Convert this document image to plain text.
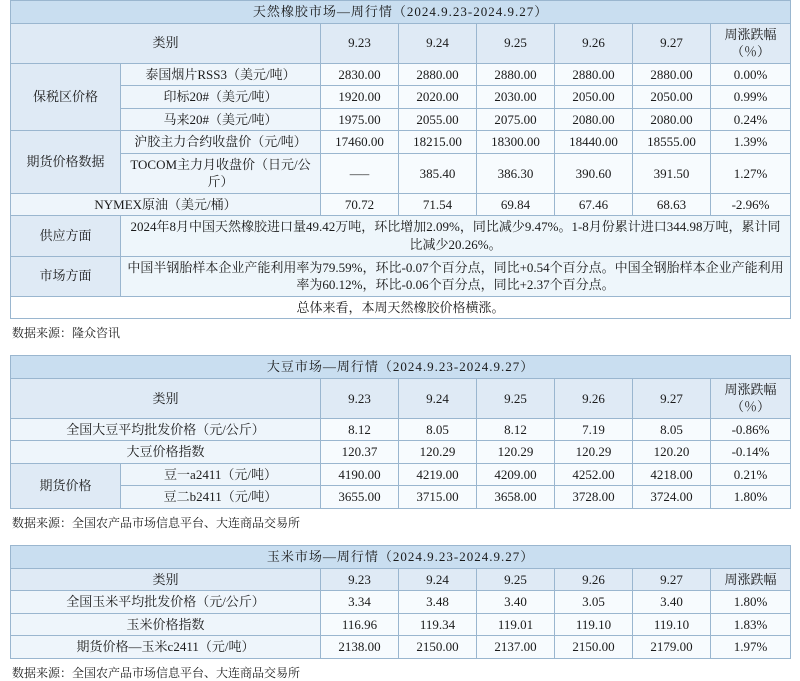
天然橡胶市场—周行情（2024.9.23-2024.9.27）							
类别		9.23	9.24	9.25	9.26	9.27	周涨跌幅（％）
保税区价格	泰国烟片RSS3（美元/吨）	2830.00	2880.00	2880.00	2880.00	2880.00	0.00%
	印标20#（美元/吨）	1920.00	2020.00	2030.00	2050.00	2050.00	0.99%
	马来20#（美元/吨）	1975.00	2055.00	2075.00	2080.00	2080.00	0.24%
期货价格数据	沪胶主力合约收盘价（元/吨）	17460.00	18215.00	18300.00	18440.00	18555.00	1.39%
	TOCOM主力月收盘价（日元/公斤）	—–	385.40	386.30	390.60	391.50	1.27%
NYMEX原油（美元/桶）		70.72	71.54	69.84	67.46	68.63	-2.96%
供应方面	2024年8月中国天然橡胶进口量49.42万吨，环比增加2.09%，同比减少9.47%。1-8月份累计进口344.98万吨，累计同比减少20.26%。						
市场方面	中国半钢胎样本企业产能利用率为79.59%，环比-0.07个百分点，同比+0.54个百分点。中国全钢胎样本企业产能利用率为60.12%，环比-0.06个百分点，同比+2.37个百分点。						
总体来看，本周天然橡胶价格横涨。							
数据来源：隆众咨讯
大豆市场—周行情（2024.9.23-2024.9.27）							
类别		9.23	9.24	9.25	9.26	9.27	周涨跌幅（％）
全国大豆平均批发价格（元/公斤）		8.12	8.05	8.12	7.19	8.05	-0.86%
大豆价格指数		120.37	120.29	120.29	120.29	120.20	-0.14%
期货价格	豆一a2411（元/吨）	4190.00	4219.00	4209.00	4252.00	4218.00	0.21%
	豆二b2411（元/吨）	3655.00	3715.00	3658.00	3728.00	3724.00	1.80%
数据来源：全国农产品市场信息平台、大连商品交易所
玉米市场—周行情（2024.9.23-2024.9.27）						
类别	9.23	9.24	9.25	9.26	9.27	周涨跌幅
全国玉米平均批发价格（元/公斤）	3.34	3.48	3.40	3.05	3.40	1.80%
玉米价格指数	116.96	119.34	119.01	119.10	119.10	1.83%
期货价格—玉米c2411（元/吨）	2138.00	2150.00	2137.00	2150.00	2179.00	1.97%
数据来源：全国农产品市场信息平台、大连商品交易所
